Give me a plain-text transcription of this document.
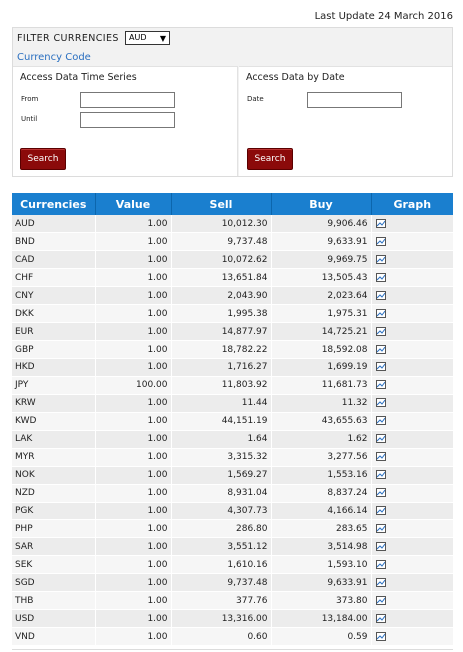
Last Update 24 March 2016
FILTER CURRENCIES	AUD ▼
Currency Code
Access Data Time Series
From
Until
Search
Access Data by Date
Date
Search
Currencies	Value	Sell	Buy	Graph
AUD	1.00	10,012.30	9,906.46	

BND	1.00	9,737.48	9,633.91	

CAD	1.00	10,072.62	9,969.75	

CHF	1.00	13,651.84	13,505.43	

CNY	1.00	2,043.90	2,023.64	

DKK	1.00	1,995.38	1,975.31	

EUR	1.00	14,877.97	14,725.21	

GBP	1.00	18,782.22	18,592.08	

HKD	1.00	1,716.27	1,699.19	

JPY	100.00	11,803.92	11,681.73	

KRW	1.00	11.44	11.32	

KWD	1.00	44,151.19	43,655.63	

LAK	1.00	1.64	1.62	

MYR	1.00	3,315.32	3,277.56	

NOK	1.00	1,569.27	1,553.16	

NZD	1.00	8,931.04	8,837.24	

PGK	1.00	4,307.73	4,166.14	

PHP	1.00	286.80	283.65	

SAR	1.00	3,551.12	3,514.98	

SEK	1.00	1,610.16	1,593.10	

SGD	1.00	9,737.48	9,633.91	

THB	1.00	377.76	373.80	

USD	1.00	13,316.00	13,184.00	

VND	1.00	0.60	0.59	
